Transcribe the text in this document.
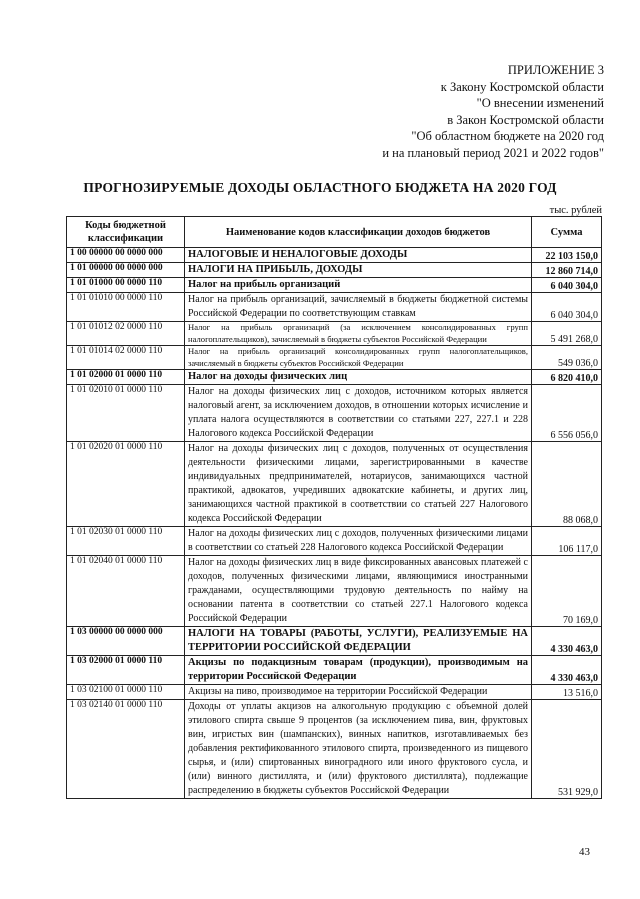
ПРИЛОЖЕНИЕ 3
к Закону Костромской области
"О внесении изменений
в Закон Костромской области
"Об областном бюджете на 2020 год
и на плановый период 2021 и 2022 годов"
ПРОГНОЗИРУЕМЫЕ ДОХОДЫ ОБЛАСТНОГО БЮДЖЕТА НА 2020 ГОД
тыс. рублей
Коды бюджетной классификации	Наименование кодов классификации доходов бюджетов	Сумма
1 00 00000 00 0000 000	НАЛОГОВЫЕ И НЕНАЛОГОВЫЕ ДОХОДЫ	22 103 150,0
1 01 00000 00 0000 000	НАЛОГИ НА ПРИБЫЛЬ, ДОХОДЫ	12 860 714,0
1 01 01000 00 0000 110	Налог на прибыль организаций	6 040 304,0
1 01 01010 00 0000 110	Налог на прибыль организаций, зачисляемый в бюджеты бюджетной системы Российской Федерации по соответствующим ставкам	6 040 304,0
1 01 01012 02 0000 110	Налог на прибыль организаций (за исключением консолидированных групп налогоплательщиков), зачисляемый в бюджеты субъектов Российской Федерации	5 491 268,0
1 01 01014 02 0000 110	Налог на прибыль организаций консолидированных групп налогоплательщиков, зачисляемый в бюджеты субъектов Российской Федерации	549 036,0
1 01 02000 01 0000 110	Налог на доходы физических лиц	6 820 410,0
1 01 02010 01 0000 110	Налог на доходы физических лиц с доходов, источником которых является налоговый агент, за исключением доходов, в отношении которых исчисление и уплата налога осуществляются в соответствии со статьями 227, 227.1 и 228 Налогового кодекса Российской Федерации	6 556 056,0
1 01 02020 01 0000 110	Налог на доходы физических лиц с доходов, полученных от осуществления деятельности физическими лицами, зарегистрированными в качестве индивидуальных предпринимателей, нотариусов, занимающихся частной практикой, адвокатов, учредивших адвокатские кабинеты, и других лиц, занимающихся частной практикой в соответствии со статьей 227 Налогового кодекса Российской Федерации	88 068,0
1 01 02030 01 0000 110	Налог на доходы физических лиц с доходов, полученных физическими лицами в соответствии со статьей 228 Налогового кодекса Российской Федерации	106 117,0
1 01 02040 01 0000 110	Налог на доходы физических лиц в виде фиксированных авансовых платежей с доходов, полученных физическими лицами, являющимися иностранными гражданами, осуществляющими трудовую деятельность по найму на основании патента в соответствии со статьей 227.1 Налогового кодекса Российской Федерации	70 169,0
1 03 00000 00 0000 000	НАЛОГИ НА ТОВАРЫ (РАБОТЫ, УСЛУГИ), РЕАЛИЗУЕМЫЕ НА ТЕРРИТОРИИ РОССИЙСКОЙ ФЕДЕРАЦИИ	4 330 463,0
1 03 02000 01 0000 110	Акцизы по подакцизным товарам (продукции), производимым на территории Российской Федерации	4 330 463,0
1 03 02100 01 0000 110	Акцизы на пиво, производимое на территории Российской Федерации	13 516,0
1 03 02140 01 0000 110	Доходы от уплаты акцизов на алкогольную продукцию с объемной долей этилового спирта свыше 9 процентов (за исключением пива, вин, фруктовых вин, игристых вин (шампанских), винных напитков, изготавливаемых без добавления ректификованного этилового спирта, произведенного из пищевого сырья, и (или) спиртованных виноградного или иного фруктового сусла, и (или) винного дистиллята, и (или) фруктового дистиллята), подлежащие распределению в бюджеты субъектов Российской Федерации	531 929,0
43
